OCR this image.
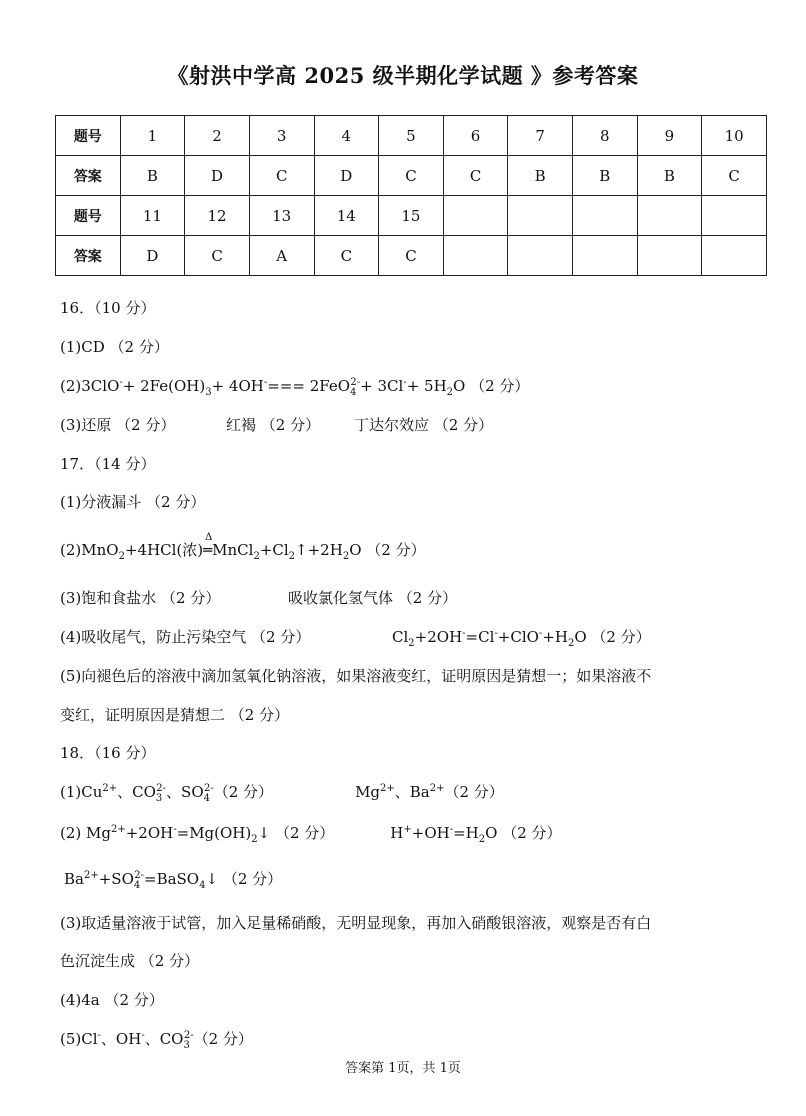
《射洪中学高 2025 级半期化学试题 》参考答案
题号	1	2	3	4	5	6	7	8	9	10
答案	B	D	C	D	C	C	B	B	B	C
题号	11	12	13	14	15					
答案	D	C	A	C	C					
16．（10 分）
(1)CD （2 分）
$(2)3ClO^-+ 2Fe(OH)_3+ 4OH^-=== 2FeO_4^{2-}+ 3Cl^-+ 5H_2O$ （2 分）
(3)还原 （2 分）	红褐 （2 分） 丁达尔效应 （2 分）
17．（14 分）
(1)分液漏斗 （2 分）
(2)MnO$_2$+4HCl(浓)
Δ
$═MnCl_2+Cl_2↑+2H_2O$ （2 分）
(3)饱和食盐水 （2 分）	吸收氯化氢气体 （2 分）
(4)吸收尾气，防止污染空气 （2 分）	$Cl_2+2OH^-=Cl^-+ClO^-+H_2O$ （2 分）
(5)向褪色后的溶液中滴加氢氧化钠溶液，如果溶液变红，证明原因是猜想一；如果溶液不
变红，证明原因是猜想二 （2 分）
18．（16 分）
$(1)Cu^{2+}$、$CO_3^{2-}$、$SO_4^{2-}(2$ 分）	$Mg^{2+}$、$Ba^{2+}(2$ 分）
(2) $Mg^{2+}+2OH^-=Mg(OH)_2↓$ （2 分）	$H^++OH^-=H_2O$ （2 分）
$Ba^{2+}+SO_4^{2-}=BaSO_4↓$ （2 分）
(3)取适量溶液于试管，加入足量稀硝酸，无明显现象，再加入硝酸银溶液，观察是否有白
色沉淀生成 （2 分）
(4)4a （2 分）
(5)Cl-、OH-、$CO_3^{2-}(2$ 分）
答案第 1页，共 1页
